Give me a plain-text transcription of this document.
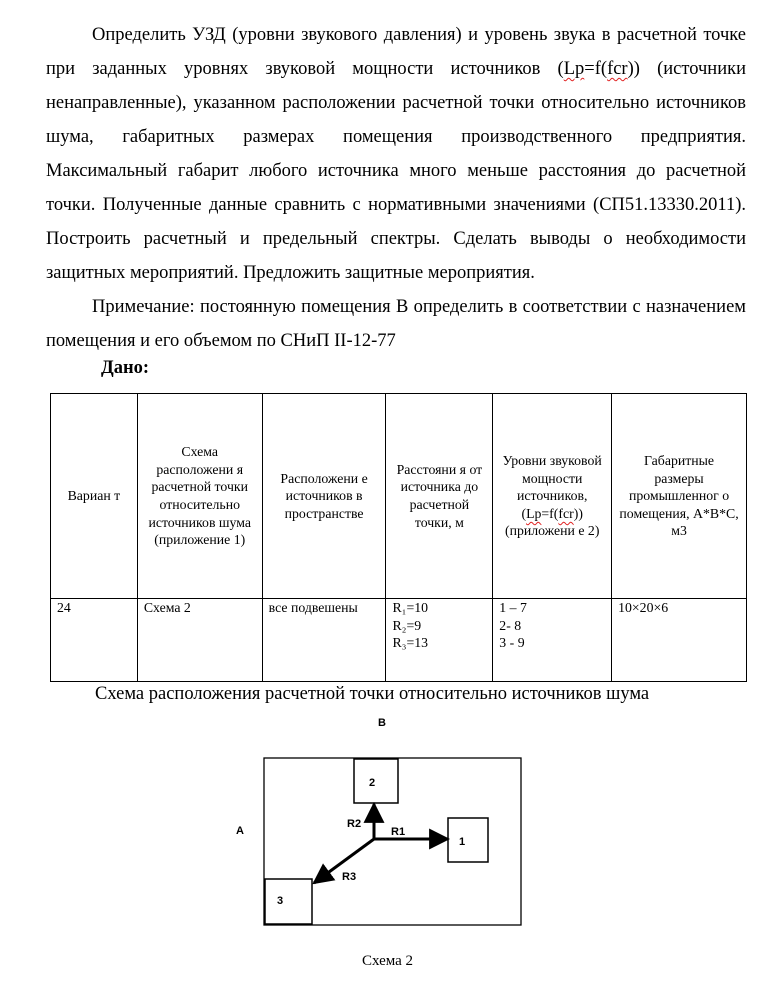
Определить УЗД (уровни звукового давления) и уровень звука в расчетной точке при заданных уровнях звуковой мощности источников (Lp=f(fcr)) (источники ненаправленные), указанном расположении расчетной точки относительно источников шума, габаритных размерах помещения производственного предприятия. Максимальный габарит любого источника много меньше расстояния до расчетной точки. Полученные данные сравнить с нормативными значениями (СП51.13330.2011). Построить расчетный и предельный спектры. Сделать выводы о необходимости защитных мероприятий. Предложить защитные мероприятия.

Примечание: постоянную помещения В определить в соответствии с назначением помещения и его объемом по СНиП II-12-77

Дано:
Вариан т	Схема расположени я расчетной точки относительно источников шума (приложение 1)	Расположени е источников в пространстве	Расстояни я от источника до расчетной точки, м	Уровни звуковой мощности источников,
(Lp=f(fcr))
(приложени е 2)	Габаритные размеры промышленног о помещения, А*В*С, м3
24	Схема 2	все подвешены	R₁=10
R₂=9
R₃=13	1 – 7
2- 8
3 - 9	10×20×6
Схема расположения расчетной точки относительно источников шума
B
A
2
1
3
R2
R1
R3
Схема 2
